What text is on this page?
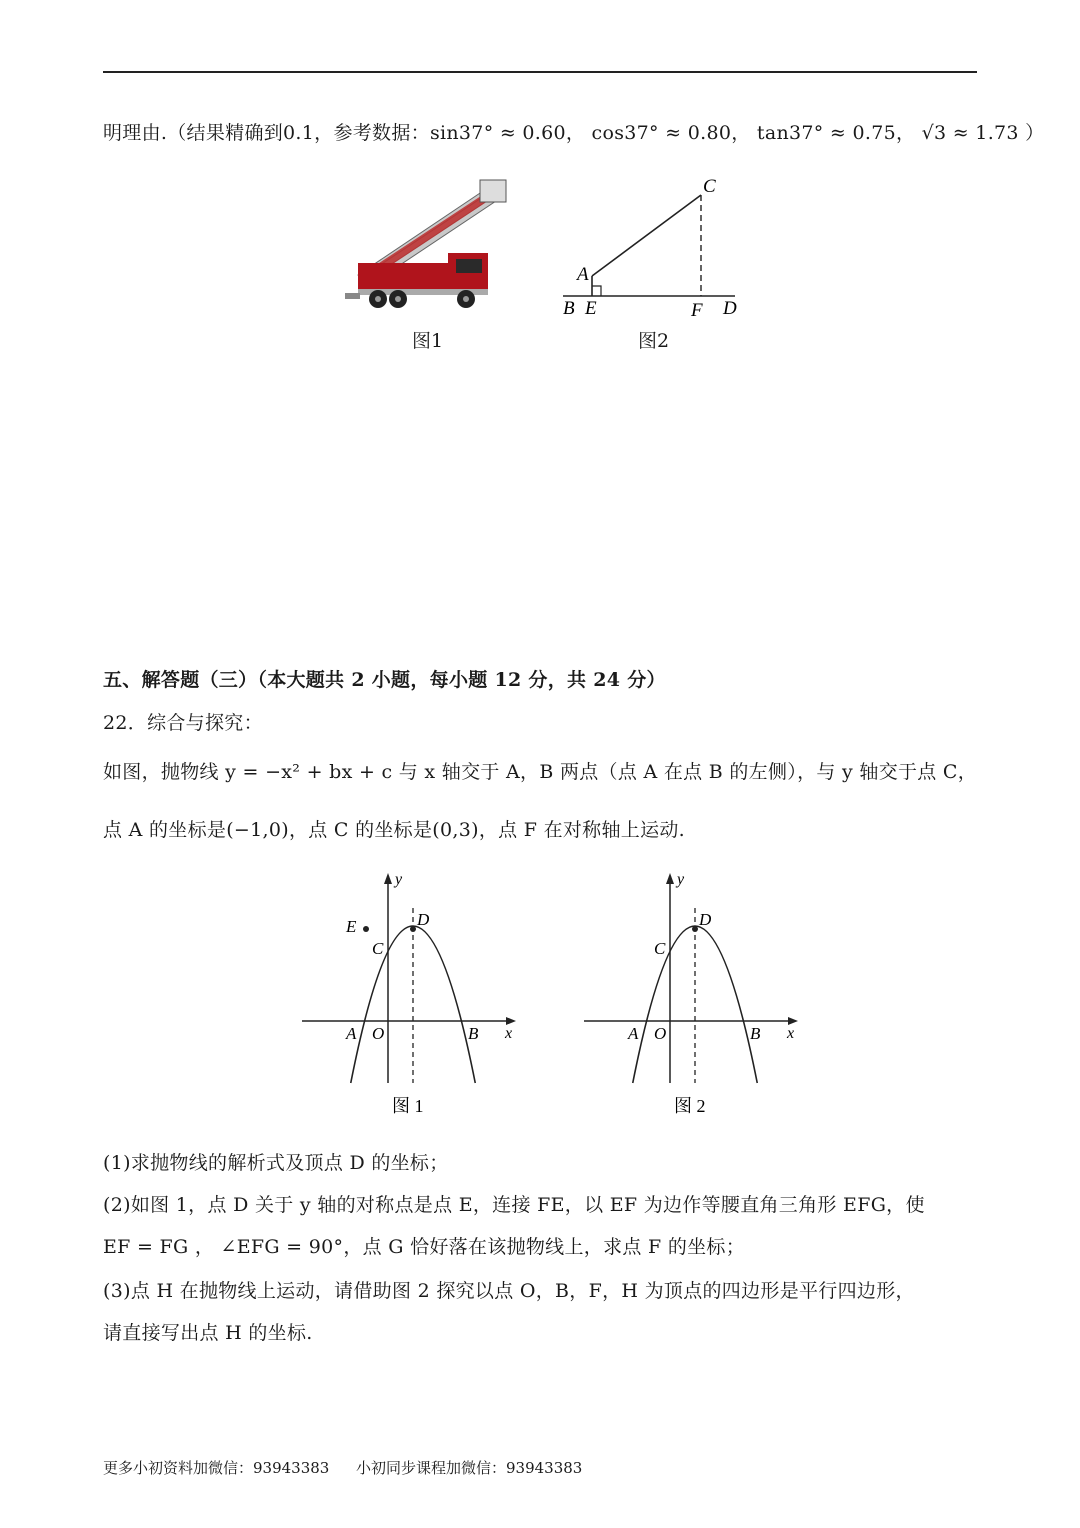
明理由.（结果精确到0.1，参考数据：sin37° ≈ 0.60， cos37° ≈ 0.80， tan37° ≈ 0.75， √3 ≈ 1.73 ）
图1
C
A
B E	F D
图2
五、解答题（三）（本大题共 2 小题，每小题 12 分，共 24 分）
22．综合与探究：
如图，抛物线 y = −x² + bx + c 与 x 轴交于 A，B 两点（点 A 在点 B 的左侧），与 y 轴交于点 C，
点 A 的坐标是(−1,0)，点 C 的坐标是(0,3)，点 F 在对称轴上运动.
y
D
E
C
A O	B x
图 1
y
D
C
A O	B x
图 2
(1)求抛物线的解析式及顶点 D 的坐标；
(2)如图 1，点 D 关于 y 轴的对称点是点 E，连接 FE，以 EF 为边作等腰直角三角形 EFG，使
EF = FG ， ∠EFG = 90°，点 G 恰好落在该抛物线上，求点 F 的坐标；
(3)点 H 在抛物线上运动，请借助图 2 探究以点 O，B，F，H 为顶点的四边形是平行四边形，
请直接写出点 H 的坐标.
更多小初资料加微信：93943383 小初同步课程加微信：93943383
